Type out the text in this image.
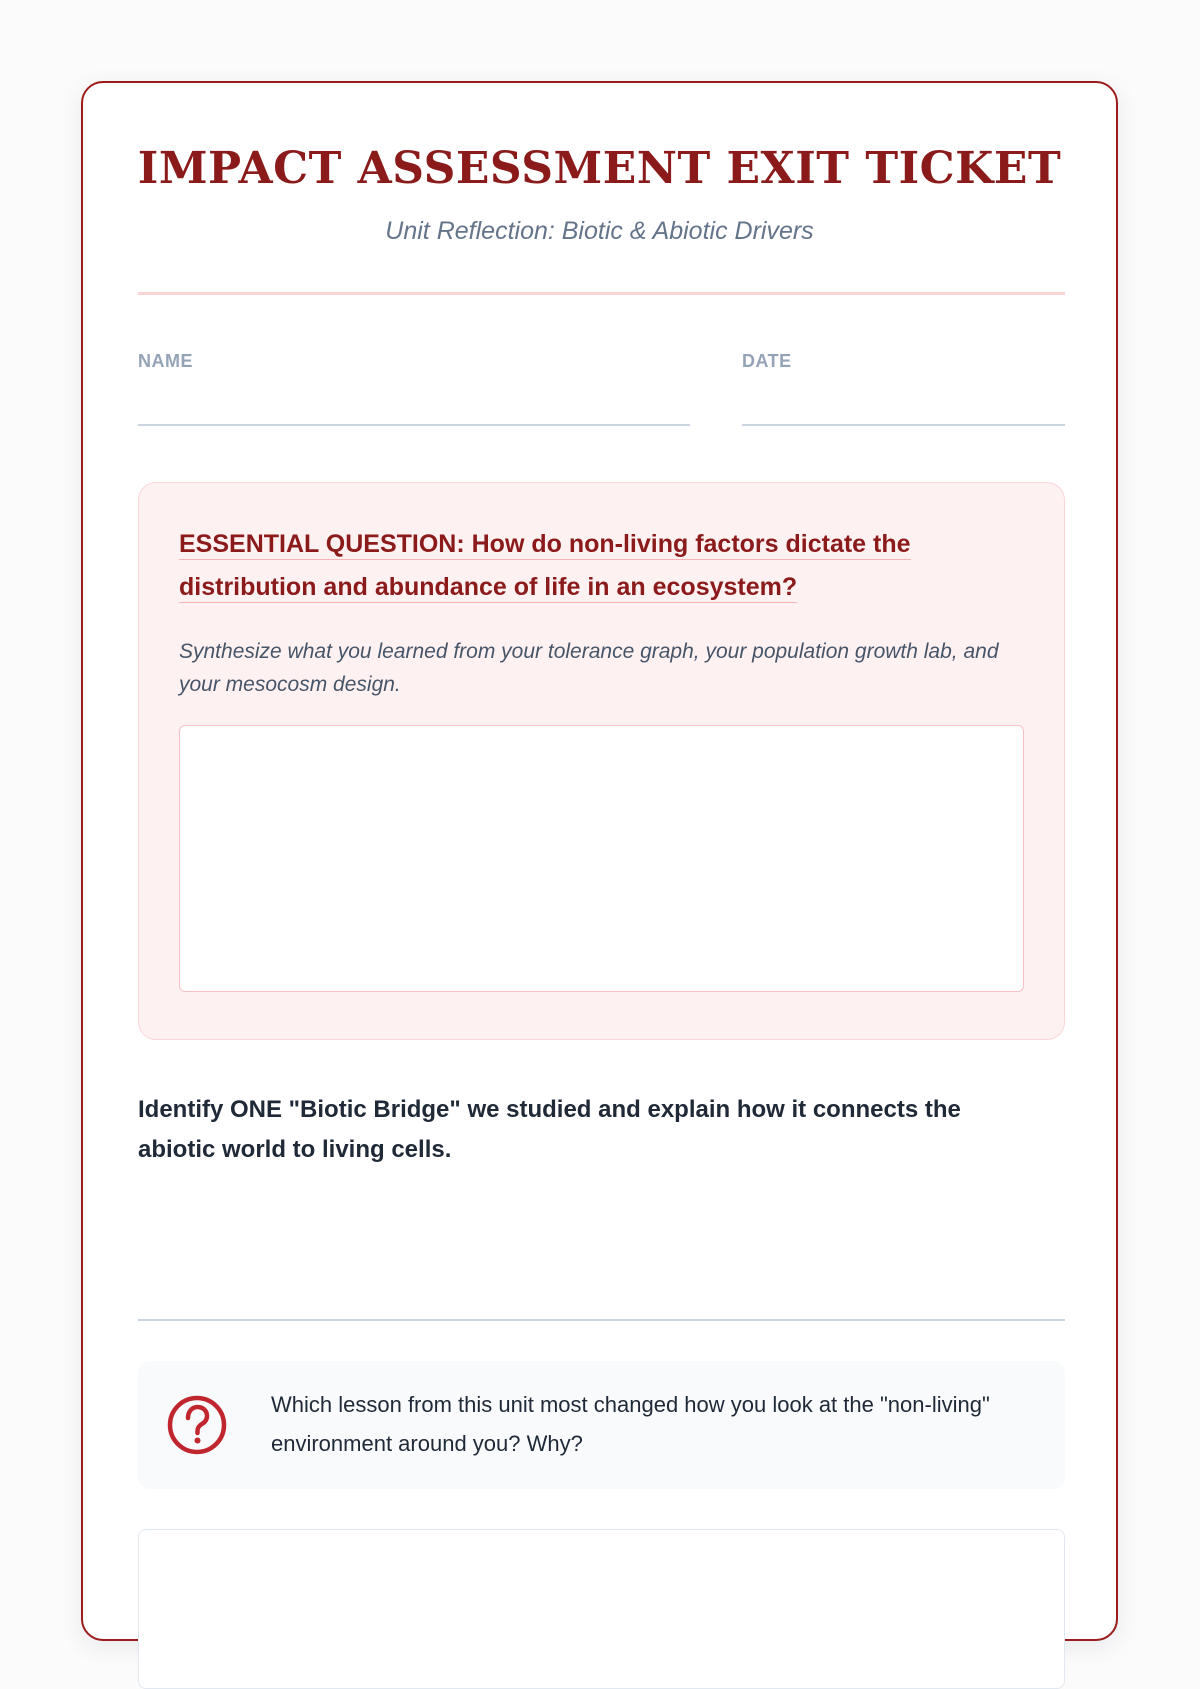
IMPACT ASSESSMENT EXIT TICKET
Unit Reflection: Biotic & Abiotic Drivers
NAME	DATE
ESSENTIAL QUESTION: How do non-living factors dictate the distribution and abundance of life in an ecosystem?
Synthesize what you learned from your tolerance graph, your population growth lab, and your mesocosm design.
Identify ONE "Biotic Bridge" we studied and explain how it connects the abiotic world to living cells.
Which lesson from this unit most changed how you look at the "non-living" environment around you? Why?
